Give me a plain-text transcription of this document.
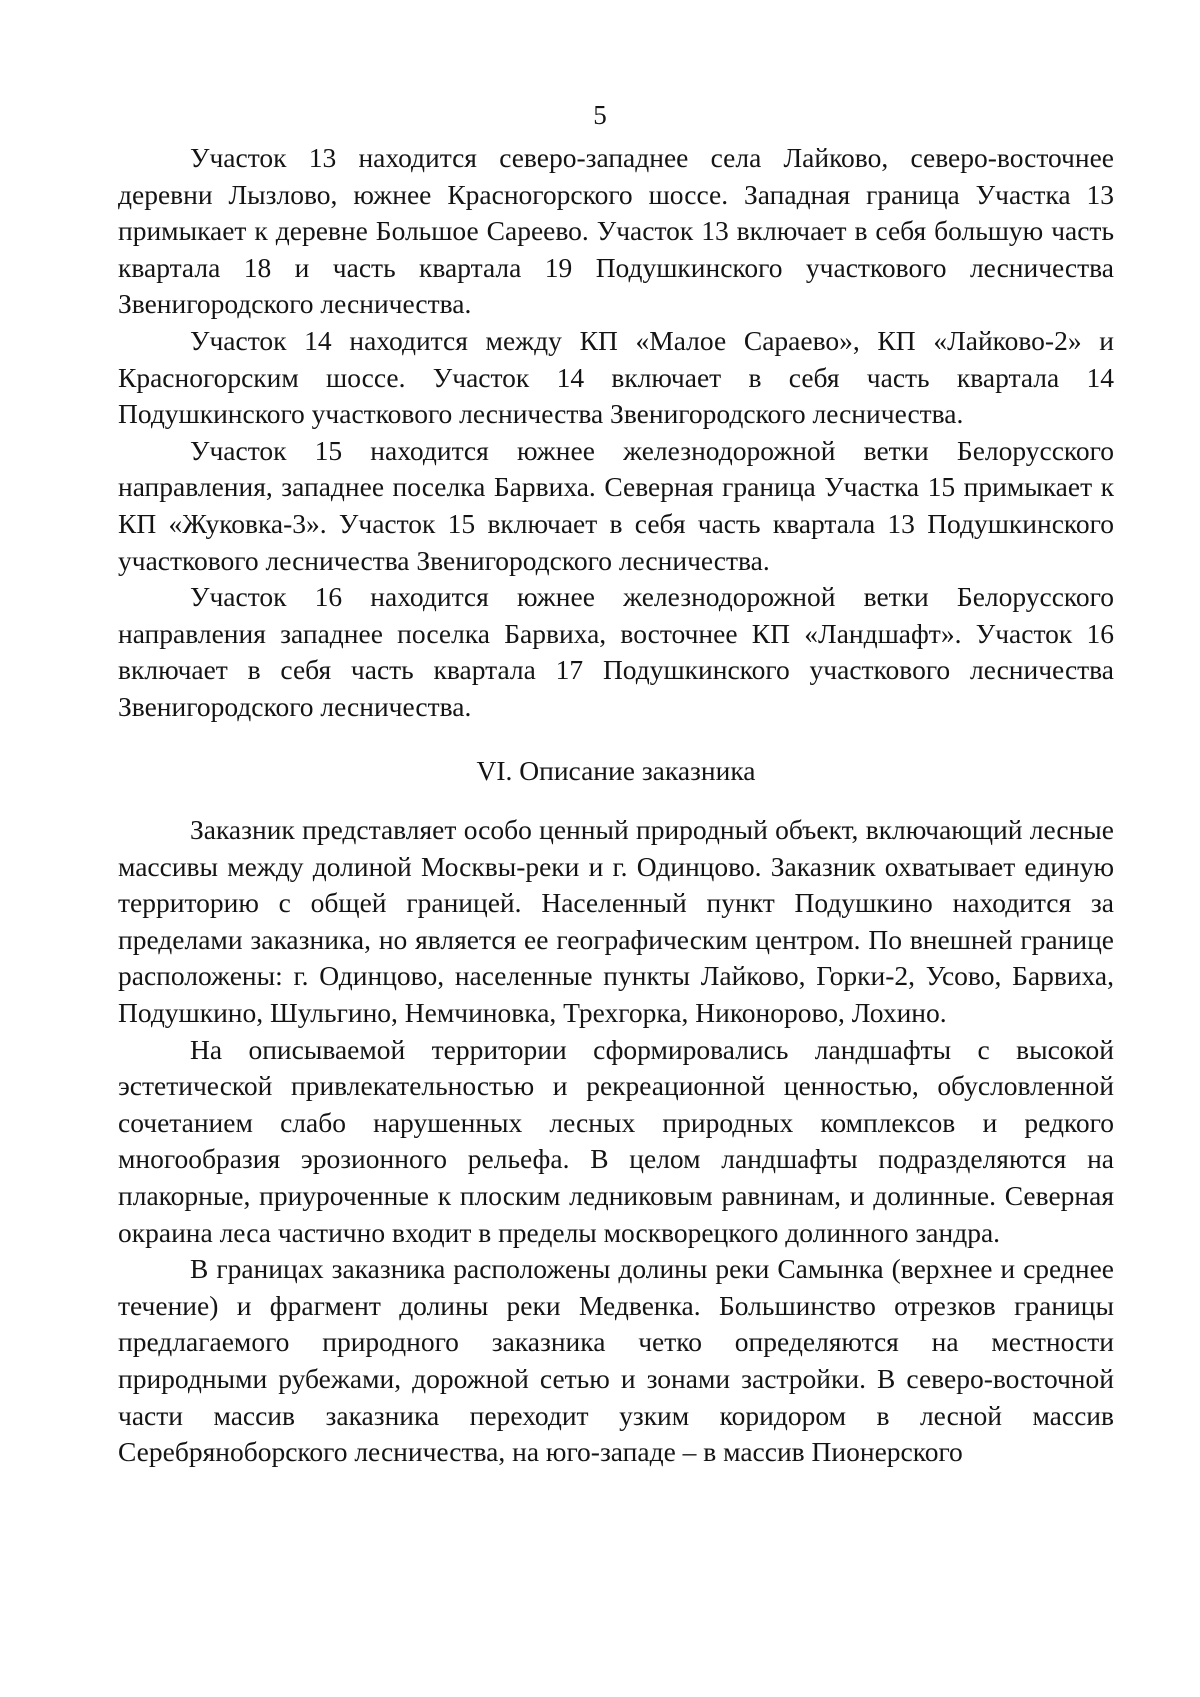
5

Участок 13 находится северо-западнее села Лайково, северо-восточнее деревни Лызлово, южнее Красногорского шоссе. Западная граница Участка 13 примыкает к деревне Большое Сареево. Участок 13 включает в себя большую часть квартала 18 и часть квартала 19 Подушкинского участкового лесничества Звенигородского лесничества.

Участок 14 находится между КП «Малое Сараево», КП «Лайково-2» и Красногорским шоссе. Участок 14 включает в себя часть квартала 14 Подушкинского участкового лесничества Звенигородского лесничества.

Участок 15 находится южнее железнодорожной ветки Белорусского направления, западнее поселка Барвиха. Северная граница Участка 15 примыкает к КП «Жуковка-3». Участок 15 включает в себя часть квартала 13 Подушкинского участкового лесничества Звенигородского лесничества.

Участок 16 находится южнее железнодорожной ветки Белорусского направления западнее поселка Барвиха, восточнее КП «Ландшафт». Участок 16 включает в себя часть квартала 17 Подушкинского участкового лесничества Звенигородского лесничества.

VI. Описание заказника

Заказник представляет особо ценный природный объект, включающий лесные массивы между долиной Москвы-реки и г. Одинцово. Заказник охватывает единую территорию с общей границей. Населенный пункт Подушкино находится за пределами заказника, но является ее географическим центром. По внешней границе расположены: г. Одинцово, населенные пункты Лайково, Горки-2, Усово, Барвиха, Подушкино, Шульгино, Немчиновка, Трехгорка, Никонорово, Лохино.

На описываемой территории сформировались ландшафты с высокой эстетической привлекательностью и рекреационной ценностью, обусловленной сочетанием слабо нарушенных лесных природных комплексов и редкого многообразия эрозионного рельефа. В целом ландшафты подразделяются на плакорные, приуроченные к плоским ледниковым равнинам, и долинные. Северная окраина леса частично входит в пределы москворецкого долинного зандра.

В границах заказника расположены долины реки Самынка (верхнее и среднее течение) и фрагмент долины реки Медвенка. Большинство отрезков границы предлагаемого природного заказника четко определяются на местности природными рубежами, дорожной сетью и зонами застройки. В северо-восточной части массив заказника переходит узким коридором в лесной массив Серебряноборского лесничества, на юго-западе – в массив Пионерского
